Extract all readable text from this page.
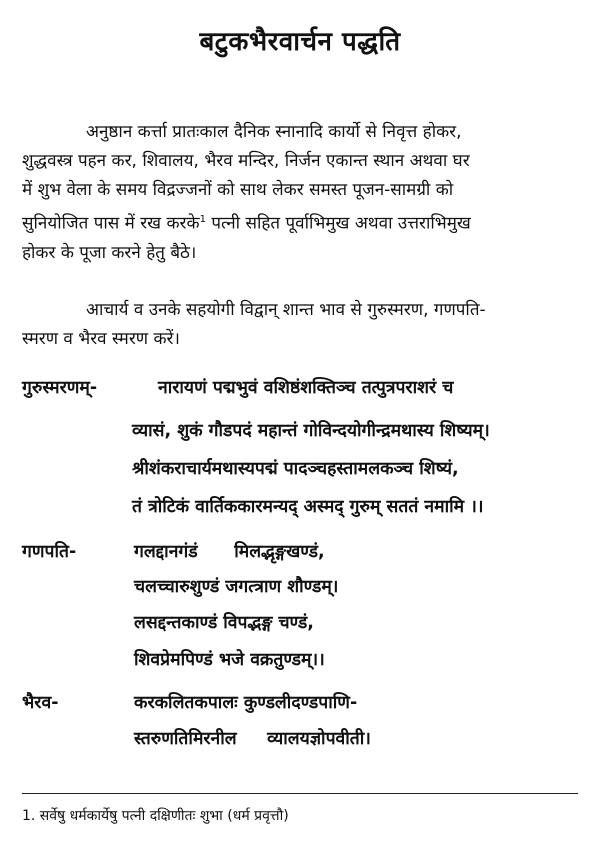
बटुकभैरवार्चन पद्धति
अनुष्ठान कर्त्ता प्रातःकाल दैनिक स्नानादि कार्यो से निवृत्त होकर,
शुद्धवस्त्र पहन कर, शिवालय, भैरव मन्दिर, निर्जन एकान्त स्थान अथवा घर
में शुभ वेला के समय विद्रज्जनों को साथ लेकर समस्त पूजन-सामग्री को
सुनियोजित पास में रख करके$^1$ पत्नी सहित पूर्वाभिमुख अथवा उत्तराभिमुख
होकर के पूजा करने हेतु बैठे।
आचार्य व उनके सहयोगी विद्वान् शान्त भाव से गुरुस्मरण, गणपति-
स्मरण व भैरव स्मरण करें।
गुरुस्मरणम्-	नारायणं पद्मभुवं वशिष्ठंशक्तिञ्च तत्पुत्रपराशरं च
व्यासं, शुकं गौडपदं महान्तं गोविन्दयोगीन्द्रमथास्य शिष्यम्।
श्रीशंकराचार्यमथास्यपद्मं पादञ्चहस्तामलकञ्च शिष्यं,
तं त्रोटिकं वार्तिककारमन्यद् अस्मद् गुरुम् सततं नमामि ।।
गणपति-	गलद्दानगंडं      मिलद्भृङ्गखण्डं,
चलच्चारुशुण्डं जगत्त्राण शौण्डम्।
लसद्दन्तकाण्डं विपद्भङ्ग चण्डं,
शिवप्रेमपिण्डं भजे वक्रतुण्डम्।।
भैरव-	करकलितकपालः कुण्डलीदण्डपाणि-
स्तरुणतिमिरनील     व्यालयज्ञोपवीती।
1. सर्वेषु धर्मकार्येषु पत्नी दक्षिणीतः शुभा (धर्म प्रवृत्तौ)
